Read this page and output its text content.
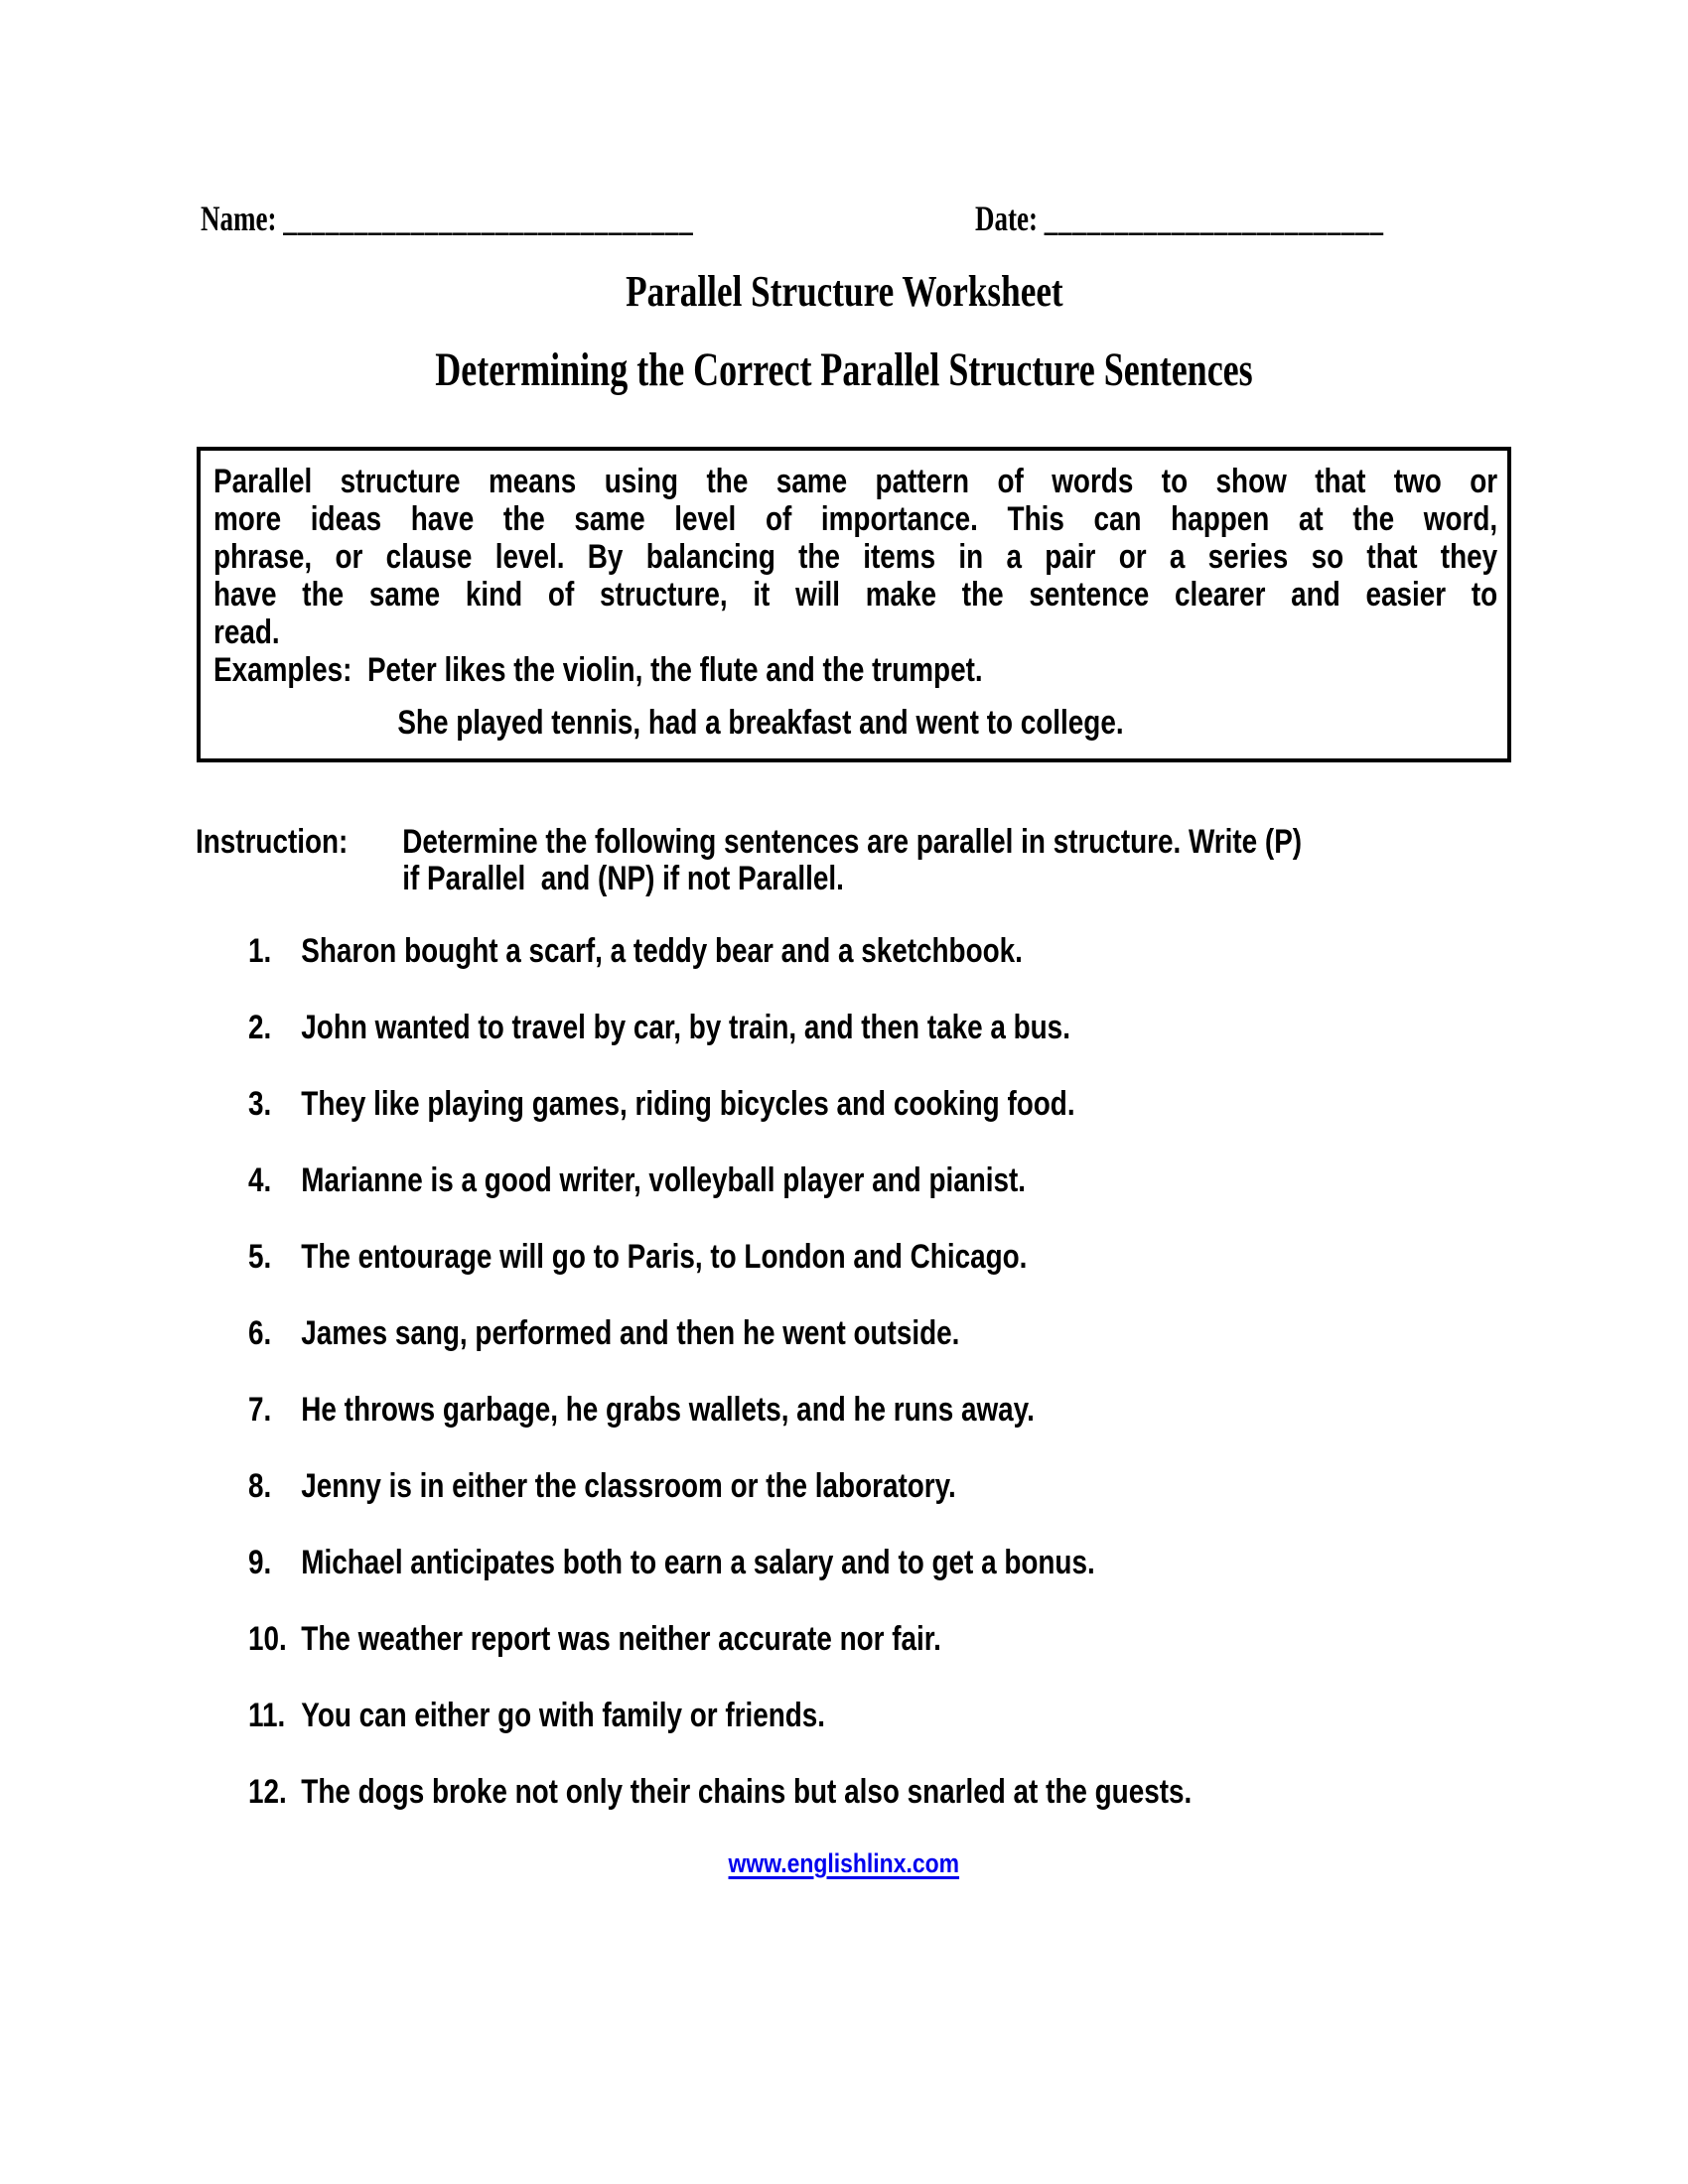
Name: _____________________________	Date: ________________________
Parallel Structure Worksheet
Determining the Correct Parallel Structure Sentences
Parallel structure means using the same pattern of words to show that two or
more ideas have the same level of importance. This can happen at the word,
phrase, or clause level. By balancing the items in a pair or a series so that they
have the same kind of structure, it will make the sentence clearer and easier to
read.
Examples:  Peter likes the violin, the flute and the trumpet.
She played tennis, had a breakfast and went to college.
Instruction:	Determine the following sentences are parallel in structure. Write (P)
if Parallel  and (NP) if not Parallel.
1. Sharon bought a scarf, a teddy bear and a sketchbook.
2. John wanted to travel by car, by train, and then take a bus.
3. They like playing games, riding bicycles and cooking food.
4. Marianne is a good writer, volleyball player and pianist.
5. The entourage will go to Paris, to London and Chicago.
6. James sang, performed and then he went outside.
7. He throws garbage, he grabs wallets, and he runs away.
8. Jenny is in either the classroom or the laboratory.
9. Michael anticipates both to earn a salary and to get a bonus.
10. The weather report was neither accurate nor fair.
11. You can either go with family or friends.
12. The dogs broke not only their chains but also snarled at the guests.
www.englishlinx.com
